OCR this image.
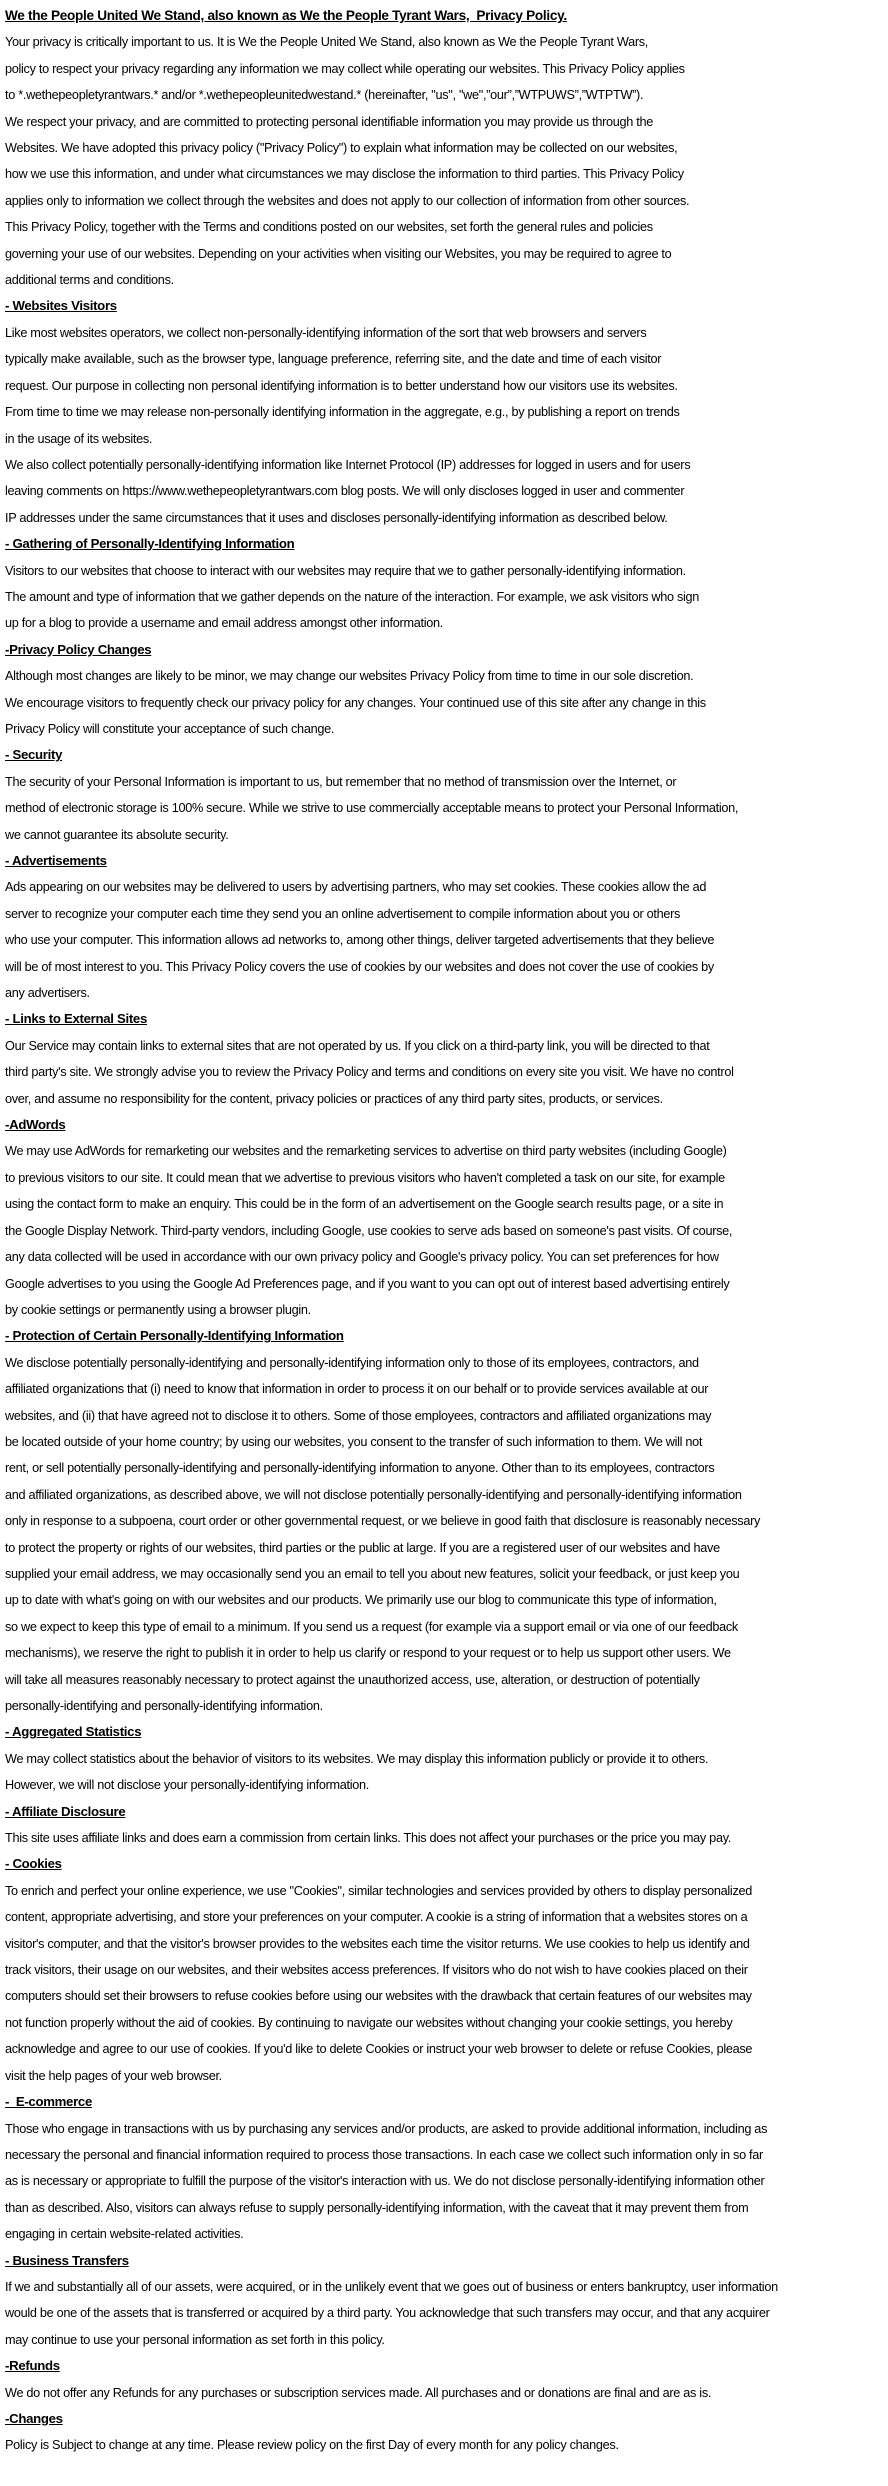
We the People United We Stand, also known as We the People Tyrant Wars,  Privacy Policy.
Your privacy is critically important to us. It is We the People United We Stand, also known as We the People Tyrant Wars,
policy to respect your privacy regarding any information we may collect while operating our websites. This Privacy Policy applies
to *.wethepeopletyrantwars.* and/or *.wethepeopleunitedwestand.* (hereinafter, "us", "we",”our”,”WTPUWS”,”WTPTW”).
We respect your privacy, and are committed to protecting personal identifiable information you may provide us through the
Websites. We have adopted this privacy policy ("Privacy Policy") to explain what information may be collected on our websites,
how we use this information, and under what circumstances we may disclose the information to third parties. This Privacy Policy
applies only to information we collect through the websites and does not apply to our collection of information from other sources.
This Privacy Policy, together with the Terms and conditions posted on our websites, set forth the general rules and policies
governing your use of our websites. Depending on your activities when visiting our Websites, you may be required to agree to
additional terms and conditions.
- Websites Visitors
Like most websites operators, we collect non-personally-identifying information of the sort that web browsers and servers
typically make available, such as the browser type, language preference, referring site, and the date and time of each visitor
request. Our purpose in collecting non personal identifying information is to better understand how our visitors use its websites.
From time to time we may release non-personally identifying information in the aggregate, e.g., by publishing a report on trends
in the usage of its websites.
We also collect potentially personally-identifying information like Internet Protocol (IP) addresses for logged in users and for users
leaving comments on https://www.wethepeopletyrantwars.com blog posts. We will only discloses logged in user and commenter
IP addresses under the same circumstances that it uses and discloses personally-identifying information as described below.
- Gathering of Personally-Identifying Information
Visitors to our websites that choose to interact with our websites may require that we to gather personally-identifying information.
The amount and type of information that we gather depends on the nature of the interaction. For example, we ask visitors who sign
up for a blog to provide a username and email address amongst other information.
-Privacy Policy Changes
Although most changes are likely to be minor, we may change our websites Privacy Policy from time to time in our sole discretion.
We encourage visitors to frequently check our privacy policy for any changes. Your continued use of this site after any change in this
Privacy Policy will constitute your acceptance of such change.
- Security
The security of your Personal Information is important to us, but remember that no method of transmission over the Internet, or
method of electronic storage is 100% secure. While we strive to use commercially acceptable means to protect your Personal Information,
we cannot guarantee its absolute security.
- Advertisements
Ads appearing on our websites may be delivered to users by advertising partners, who may set cookies. These cookies allow the ad
server to recognize your computer each time they send you an online advertisement to compile information about you or others
who use your computer. This information allows ad networks to, among other things, deliver targeted advertisements that they believe
will be of most interest to you. This Privacy Policy covers the use of cookies by our websites and does not cover the use of cookies by
any advertisers.
- Links to External Sites
Our Service may contain links to external sites that are not operated by us. If you click on a third-party link, you will be directed to that
third party's site. We strongly advise you to review the Privacy Policy and terms and conditions on every site you visit. We have no control
over, and assume no responsibility for the content, privacy policies or practices of any third party sites, products, or services.
-AdWords
We may use AdWords for remarketing our websites and the remarketing services to advertise on third party websites (including Google)
to previous visitors to our site. It could mean that we advertise to previous visitors who haven't completed a task on our site, for example
using the contact form to make an enquiry. This could be in the form of an advertisement on the Google search results page, or a site in
the Google Display Network. Third-party vendors, including Google, use cookies to serve ads based on someone's past visits. Of course,
any data collected will be used in accordance with our own privacy policy and Google's privacy policy. You can set preferences for how
Google advertises to you using the Google Ad Preferences page, and if you want to you can opt out of interest based advertising entirely
by cookie settings or permanently using a browser plugin.
- Protection of Certain Personally-Identifying Information
We disclose potentially personally-identifying and personally-identifying information only to those of its employees, contractors, and
affiliated organizations that (i) need to know that information in order to process it on our behalf or to provide services available at our
websites, and (ii) that have agreed not to disclose it to others. Some of those employees, contractors and affiliated organizations may
be located outside of your home country; by using our websites, you consent to the transfer of such information to them. We will not
rent, or sell potentially personally-identifying and personally-identifying information to anyone. Other than to its employees, contractors
and affiliated organizations, as described above, we will not disclose potentially personally-identifying and personally-identifying information
only in response to a subpoena, court order or other governmental request, or we believe in good faith that disclosure is reasonably necessary
to protect the property or rights of our websites, third parties or the public at large. If you are a registered user of our websites and have
supplied your email address, we may occasionally send you an email to tell you about new features, solicit your feedback, or just keep you
up to date with what's going on with our websites and our products. We primarily use our blog to communicate this type of information,
so we expect to keep this type of email to a minimum. If you send us a request (for example via a support email or via one of our feedback
mechanisms), we reserve the right to publish it in order to help us clarify or respond to your request or to help us support other users. We
will take all measures reasonably necessary to protect against the unauthorized access, use, alteration, or destruction of potentially
personally-identifying and personally-identifying information.
- Aggregated Statistics
We may collect statistics about the behavior of visitors to its websites. We may display this information publicly or provide it to others.
However, we will not disclose your personally-identifying information.
- Affiliate Disclosure
This site uses affiliate links and does earn a commission from certain links. This does not affect your purchases or the price you may pay.
- Cookies
To enrich and perfect your online experience, we use "Cookies", similar technologies and services provided by others to display personalized
content, appropriate advertising, and store your preferences on your computer. A cookie is a string of information that a websites stores on a
visitor's computer, and that the visitor's browser provides to the websites each time the visitor returns. We use cookies to help us identify and
track visitors, their usage on our websites, and their websites access preferences. If visitors who do not wish to have cookies placed on their
computers should set their browsers to refuse cookies before using our websites with the drawback that certain features of our websites may
not function properly without the aid of cookies. By continuing to navigate our websites without changing your cookie settings, you hereby
acknowledge and agree to our use of cookies. If you'd like to delete Cookies or instruct your web browser to delete or refuse Cookies, please
visit the help pages of your web browser.
-  E-commerce
Those who engage in transactions with us by purchasing any services and/or products, are asked to provide additional information, including as
necessary the personal and financial information required to process those transactions. In each case we collect such information only in so far
as is necessary or appropriate to fulfill the purpose of the visitor's interaction with us. We do not disclose personally-identifying information other
than as described. Also, visitors can always refuse to supply personally-identifying information, with the caveat that it may prevent them from
engaging in certain website-related activities.
- Business Transfers
If we and substantially all of our assets, were acquired, or in the unlikely event that we goes out of business or enters bankruptcy, user information
would be one of the assets that is transferred or acquired by a third party. You acknowledge that such transfers may occur, and that any acquirer
may continue to use your personal information as set forth in this policy.
-Refunds
We do not offer any Refunds for any purchases or subscription services made. All purchases and or donations are final and are as is.
-Changes
Policy is Subject to change at any time. Please review policy on the first Day of every month for any policy changes.
